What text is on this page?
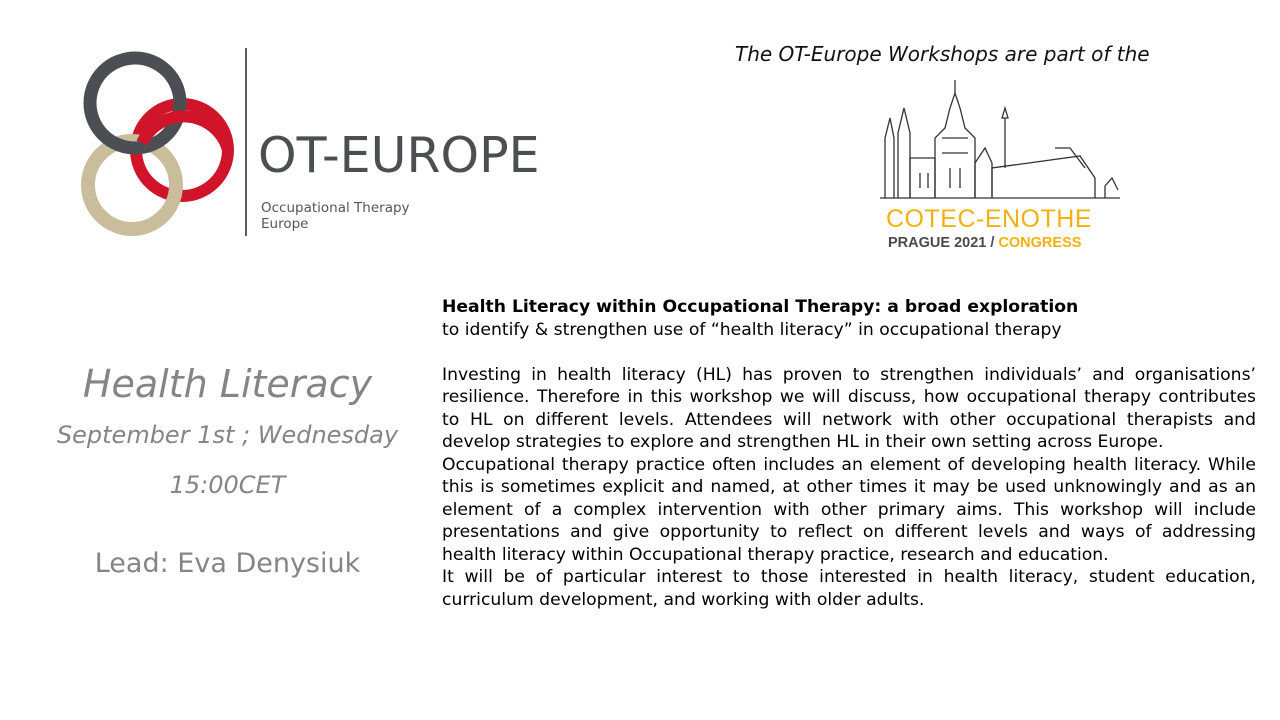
OT-EUROPE
Occupational Therapy
Europe
The OT-Europe Workshops are part of the
COTEC-ENOTHE
PRAGUE 2021 / CONGRESS
Health Literacy
September 1st ; Wednesday
15:00CET
Lead: Eva Denysiuk
Health Literacy within Occupational Therapy: a broad exploration
to identify & strengthen use of “health literacy” in occupational therapy

Investing in health literacy (HL) has proven to strengthen individuals’ and organisations’ resilience. Therefore in this workshop we will discuss, how occupational therapy contributes to HL on different levels. Attendees will network with other occupational therapists and develop strategies to explore and strengthen HL in their own setting across Europe.

Occupational therapy practice often includes an element of developing health literacy. While this is sometimes explicit and named, at other times it may be used unknowingly and as an element of a complex intervention with other primary aims. This workshop will include presentations and give opportunity to reflect on different levels and ways of addressing health literacy within Occupational therapy practice, research and education.

It will be of particular interest to those interested in health literacy, student education, curriculum development, and working with older adults.
